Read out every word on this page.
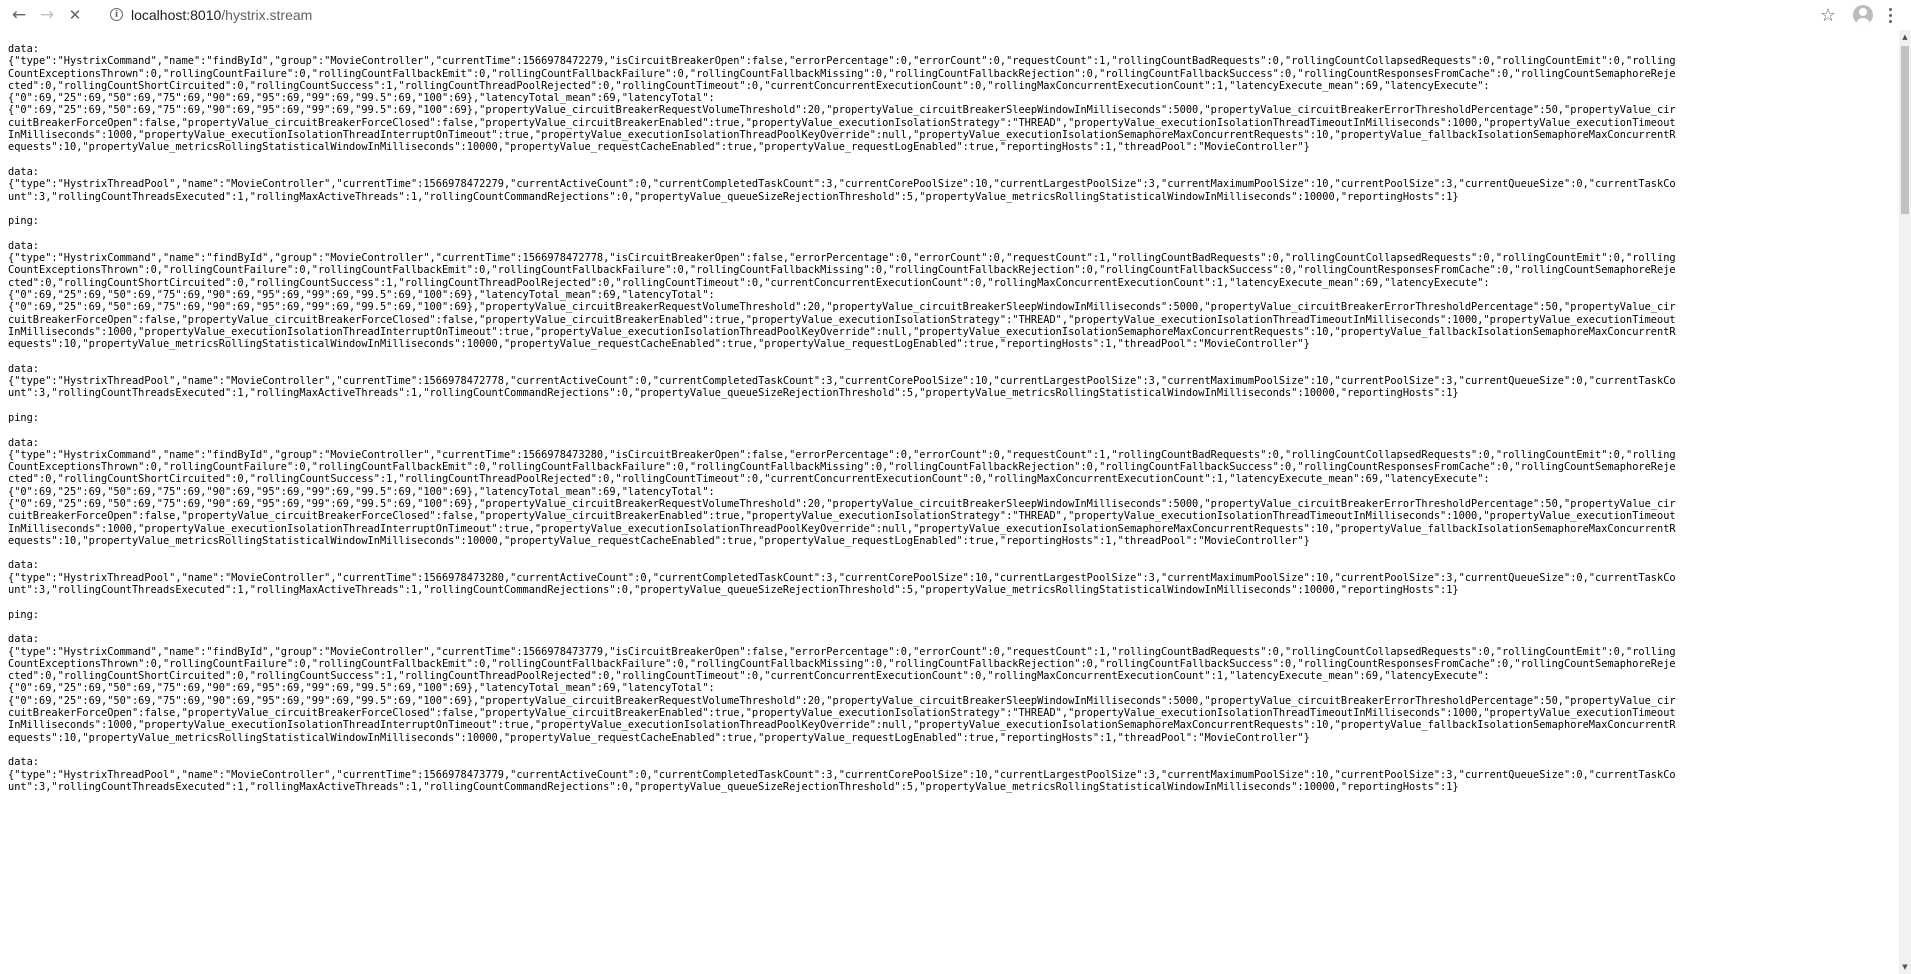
← → ✕	i localhost:8010 /hystrix.stream	☆
data:
{"type":"HystrixCommand","name":"findById","group":"MovieController","currentTime":1566978472279,"isCircuitBreakerOpen":false,"errorPercentage":0,"errorCount":0,"requestCount":1,"rollingCountBadRequests":0,"rollingCountCollapsedRequests":0,"rollingCountEmit":0,"rolling
CountExceptionsThrown":0,"rollingCountFailure":0,"rollingCountFallbackEmit":0,"rollingCountFallbackFailure":0,"rollingCountFallbackMissing":0,"rollingCountFallbackRejection":0,"rollingCountFallbackSuccess":0,"rollingCountResponsesFromCache":0,"rollingCountSemaphoreReje
cted":0,"rollingCountShortCircuited":0,"rollingCountSuccess":1,"rollingCountThreadPoolRejected":0,"rollingCountTimeout":0,"currentConcurrentExecutionCount":0,"rollingMaxConcurrentExecutionCount":1,"latencyExecute_mean":69,"latencyExecute":
{"0":69,"25":69,"50":69,"75":69,"90":69,"95":69,"99":69,"99.5":69,"100":69},"latencyTotal_mean":69,"latencyTotal":
{"0":69,"25":69,"50":69,"75":69,"90":69,"95":69,"99":69,"99.5":69,"100":69},"propertyValue_circuitBreakerRequestVolumeThreshold":20,"propertyValue_circuitBreakerSleepWindowInMilliseconds":5000,"propertyValue_circuitBreakerErrorThresholdPercentage":50,"propertyValue_cir
cuitBreakerForceOpen":false,"propertyValue_circuitBreakerForceClosed":false,"propertyValue_circuitBreakerEnabled":true,"propertyValue_executionIsolationStrategy":"THREAD","propertyValue_executionIsolationThreadTimeoutInMilliseconds":1000,"propertyValue_executionTimeout
InMilliseconds":1000,"propertyValue_executionIsolationThreadInterruptOnTimeout":true,"propertyValue_executionIsolationThreadPoolKeyOverride":null,"propertyValue_executionIsolationSemaphoreMaxConcurrentRequests":10,"propertyValue_fallbackIsolationSemaphoreMaxConcurrentR
equests":10,"propertyValue_metricsRollingStatisticalWindowInMilliseconds":10000,"propertyValue_requestCacheEnabled":true,"propertyValue_requestLogEnabled":true,"reportingHosts":1,"threadPool":"MovieController"}
data:
{"type":"HystrixThreadPool","name":"MovieController","currentTime":1566978472279,"currentActiveCount":0,"currentCompletedTaskCount":3,"currentCorePoolSize":10,"currentLargestPoolSize":3,"currentMaximumPoolSize":10,"currentPoolSize":3,"currentQueueSize":0,"currentTaskCo
unt":3,"rollingCountThreadsExecuted":1,"rollingMaxActiveThreads":1,"rollingCountCommandRejections":0,"propertyValue_queueSizeRejectionThreshold":5,"propertyValue_metricsRollingStatisticalWindowInMilliseconds":10000,"reportingHosts":1}
ping:
data:
{"type":"HystrixCommand","name":"findById","group":"MovieController","currentTime":1566978472778,"isCircuitBreakerOpen":false,"errorPercentage":0,"errorCount":0,"requestCount":1,"rollingCountBadRequests":0,"rollingCountCollapsedRequests":0,"rollingCountEmit":0,"rolling
CountExceptionsThrown":0,"rollingCountFailure":0,"rollingCountFallbackEmit":0,"rollingCountFallbackFailure":0,"rollingCountFallbackMissing":0,"rollingCountFallbackRejection":0,"rollingCountFallbackSuccess":0,"rollingCountResponsesFromCache":0,"rollingCountSemaphoreReje
cted":0,"rollingCountShortCircuited":0,"rollingCountSuccess":1,"rollingCountThreadPoolRejected":0,"rollingCountTimeout":0,"currentConcurrentExecutionCount":0,"rollingMaxConcurrentExecutionCount":1,"latencyExecute_mean":69,"latencyExecute":
{"0":69,"25":69,"50":69,"75":69,"90":69,"95":69,"99":69,"99.5":69,"100":69},"latencyTotal_mean":69,"latencyTotal":
{"0":69,"25":69,"50":69,"75":69,"90":69,"95":69,"99":69,"99.5":69,"100":69},"propertyValue_circuitBreakerRequestVolumeThreshold":20,"propertyValue_circuitBreakerSleepWindowInMilliseconds":5000,"propertyValue_circuitBreakerErrorThresholdPercentage":50,"propertyValue_cir
cuitBreakerForceOpen":false,"propertyValue_circuitBreakerForceClosed":false,"propertyValue_circuitBreakerEnabled":true,"propertyValue_executionIsolationStrategy":"THREAD","propertyValue_executionIsolationThreadTimeoutInMilliseconds":1000,"propertyValue_executionTimeout
InMilliseconds":1000,"propertyValue_executionIsolationThreadInterruptOnTimeout":true,"propertyValue_executionIsolationThreadPoolKeyOverride":null,"propertyValue_executionIsolationSemaphoreMaxConcurrentRequests":10,"propertyValue_fallbackIsolationSemaphoreMaxConcurrentR
equests":10,"propertyValue_metricsRollingStatisticalWindowInMilliseconds":10000,"propertyValue_requestCacheEnabled":true,"propertyValue_requestLogEnabled":true,"reportingHosts":1,"threadPool":"MovieController"}
data:
{"type":"HystrixThreadPool","name":"MovieController","currentTime":1566978472778,"currentActiveCount":0,"currentCompletedTaskCount":3,"currentCorePoolSize":10,"currentLargestPoolSize":3,"currentMaximumPoolSize":10,"currentPoolSize":3,"currentQueueSize":0,"currentTaskCo
unt":3,"rollingCountThreadsExecuted":1,"rollingMaxActiveThreads":1,"rollingCountCommandRejections":0,"propertyValue_queueSizeRejectionThreshold":5,"propertyValue_metricsRollingStatisticalWindowInMilliseconds":10000,"reportingHosts":1}
ping:
data:
{"type":"HystrixCommand","name":"findById","group":"MovieController","currentTime":1566978473280,"isCircuitBreakerOpen":false,"errorPercentage":0,"errorCount":0,"requestCount":1,"rollingCountBadRequests":0,"rollingCountCollapsedRequests":0,"rollingCountEmit":0,"rolling
CountExceptionsThrown":0,"rollingCountFailure":0,"rollingCountFallbackEmit":0,"rollingCountFallbackFailure":0,"rollingCountFallbackMissing":0,"rollingCountFallbackRejection":0,"rollingCountFallbackSuccess":0,"rollingCountResponsesFromCache":0,"rollingCountSemaphoreReje
cted":0,"rollingCountShortCircuited":0,"rollingCountSuccess":1,"rollingCountThreadPoolRejected":0,"rollingCountTimeout":0,"currentConcurrentExecutionCount":0,"rollingMaxConcurrentExecutionCount":1,"latencyExecute_mean":69,"latencyExecute":
{"0":69,"25":69,"50":69,"75":69,"90":69,"95":69,"99":69,"99.5":69,"100":69},"latencyTotal_mean":69,"latencyTotal":
{"0":69,"25":69,"50":69,"75":69,"90":69,"95":69,"99":69,"99.5":69,"100":69},"propertyValue_circuitBreakerRequestVolumeThreshold":20,"propertyValue_circuitBreakerSleepWindowInMilliseconds":5000,"propertyValue_circuitBreakerErrorThresholdPercentage":50,"propertyValue_cir
cuitBreakerForceOpen":false,"propertyValue_circuitBreakerForceClosed":false,"propertyValue_circuitBreakerEnabled":true,"propertyValue_executionIsolationStrategy":"THREAD","propertyValue_executionIsolationThreadTimeoutInMilliseconds":1000,"propertyValue_executionTimeout
InMilliseconds":1000,"propertyValue_executionIsolationThreadInterruptOnTimeout":true,"propertyValue_executionIsolationThreadPoolKeyOverride":null,"propertyValue_executionIsolationSemaphoreMaxConcurrentRequests":10,"propertyValue_fallbackIsolationSemaphoreMaxConcurrentR
equests":10,"propertyValue_metricsRollingStatisticalWindowInMilliseconds":10000,"propertyValue_requestCacheEnabled":true,"propertyValue_requestLogEnabled":true,"reportingHosts":1,"threadPool":"MovieController"}
data:
{"type":"HystrixThreadPool","name":"MovieController","currentTime":1566978473280,"currentActiveCount":0,"currentCompletedTaskCount":3,"currentCorePoolSize":10,"currentLargestPoolSize":3,"currentMaximumPoolSize":10,"currentPoolSize":3,"currentQueueSize":0,"currentTaskCo
unt":3,"rollingCountThreadsExecuted":1,"rollingMaxActiveThreads":1,"rollingCountCommandRejections":0,"propertyValue_queueSizeRejectionThreshold":5,"propertyValue_metricsRollingStatisticalWindowInMilliseconds":10000,"reportingHosts":1}
ping:
data:
{"type":"HystrixCommand","name":"findById","group":"MovieController","currentTime":1566978473779,"isCircuitBreakerOpen":false,"errorPercentage":0,"errorCount":0,"requestCount":1,"rollingCountBadRequests":0,"rollingCountCollapsedRequests":0,"rollingCountEmit":0,"rolling
CountExceptionsThrown":0,"rollingCountFailure":0,"rollingCountFallbackEmit":0,"rollingCountFallbackFailure":0,"rollingCountFallbackMissing":0,"rollingCountFallbackRejection":0,"rollingCountFallbackSuccess":0,"rollingCountResponsesFromCache":0,"rollingCountSemaphoreReje
cted":0,"rollingCountShortCircuited":0,"rollingCountSuccess":1,"rollingCountThreadPoolRejected":0,"rollingCountTimeout":0,"currentConcurrentExecutionCount":0,"rollingMaxConcurrentExecutionCount":1,"latencyExecute_mean":69,"latencyExecute":
{"0":69,"25":69,"50":69,"75":69,"90":69,"95":69,"99":69,"99.5":69,"100":69},"latencyTotal_mean":69,"latencyTotal":
{"0":69,"25":69,"50":69,"75":69,"90":69,"95":69,"99":69,"99.5":69,"100":69},"propertyValue_circuitBreakerRequestVolumeThreshold":20,"propertyValue_circuitBreakerSleepWindowInMilliseconds":5000,"propertyValue_circuitBreakerErrorThresholdPercentage":50,"propertyValue_cir
cuitBreakerForceOpen":false,"propertyValue_circuitBreakerForceClosed":false,"propertyValue_circuitBreakerEnabled":true,"propertyValue_executionIsolationStrategy":"THREAD","propertyValue_executionIsolationThreadTimeoutInMilliseconds":1000,"propertyValue_executionTimeout
InMilliseconds":1000,"propertyValue_executionIsolationThreadInterruptOnTimeout":true,"propertyValue_executionIsolationThreadPoolKeyOverride":null,"propertyValue_executionIsolationSemaphoreMaxConcurrentRequests":10,"propertyValue_fallbackIsolationSemaphoreMaxConcurrentR
equests":10,"propertyValue_metricsRollingStatisticalWindowInMilliseconds":10000,"propertyValue_requestCacheEnabled":true,"propertyValue_requestLogEnabled":true,"reportingHosts":1,"threadPool":"MovieController"}
data:
{"type":"HystrixThreadPool","name":"MovieController","currentTime":1566978473779,"currentActiveCount":0,"currentCompletedTaskCount":3,"currentCorePoolSize":10,"currentLargestPoolSize":3,"currentMaximumPoolSize":10,"currentPoolSize":3,"currentQueueSize":0,"currentTaskCo
unt":3,"rollingCountThreadsExecuted":1,"rollingMaxActiveThreads":1,"rollingCountCommandRejections":0,"propertyValue_queueSizeRejectionThreshold":5,"propertyValue_metricsRollingStatisticalWindowInMilliseconds":10000,"reportingHosts":1}
▲
▼
